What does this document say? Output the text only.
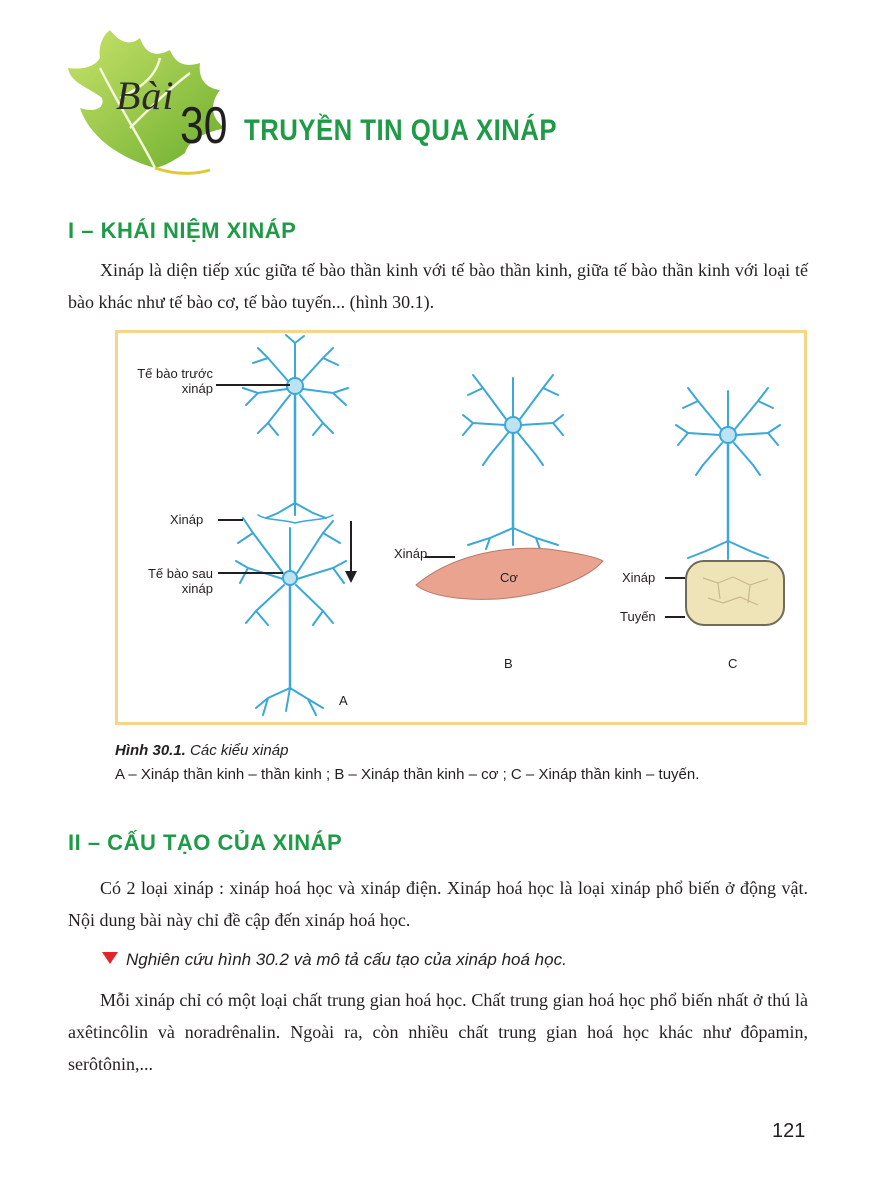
Bài
30 TRUYỀN TIN QUA XINÁP
I – KHÁI NIỆM XINÁP
Xináp là diện tiếp xúc giữa tế bào thần kinh với tế bào thần kinh, giữa tế bào thần kinh với loại tế bào khác như tế bào cơ, tế bào tuyến... (hình 30.1).
Tế bào trước
xináp
Xináp
Tế bào sau
xináp
A
Xináp
Cơ
B
Xináp
Tuyến
C
Hình 30.1. Các kiểu xináp
A – Xináp thần kinh – thần kinh ; B – Xináp thần kinh – cơ ; C – Xináp thần kinh – tuyến.
II – CẤU TẠO CỦA XINÁP
Có 2 loại xináp : xináp hoá học và xináp điện. Xináp hoá học là loại xináp phổ biến ở động vật. Nội dung bài này chỉ đề cập đến xináp hoá học.
Nghiên cứu hình 30.2 và mô tả cấu tạo của xináp hoá học.
Mỗi xináp chỉ có một loại chất trung gian hoá học. Chất trung gian hoá học phổ biến nhất ở thú là axêtincôlin và noradrênalin. Ngoài ra, còn nhiều chất trung gian hoá học khác như đôpamin, serôtônin,...
121
